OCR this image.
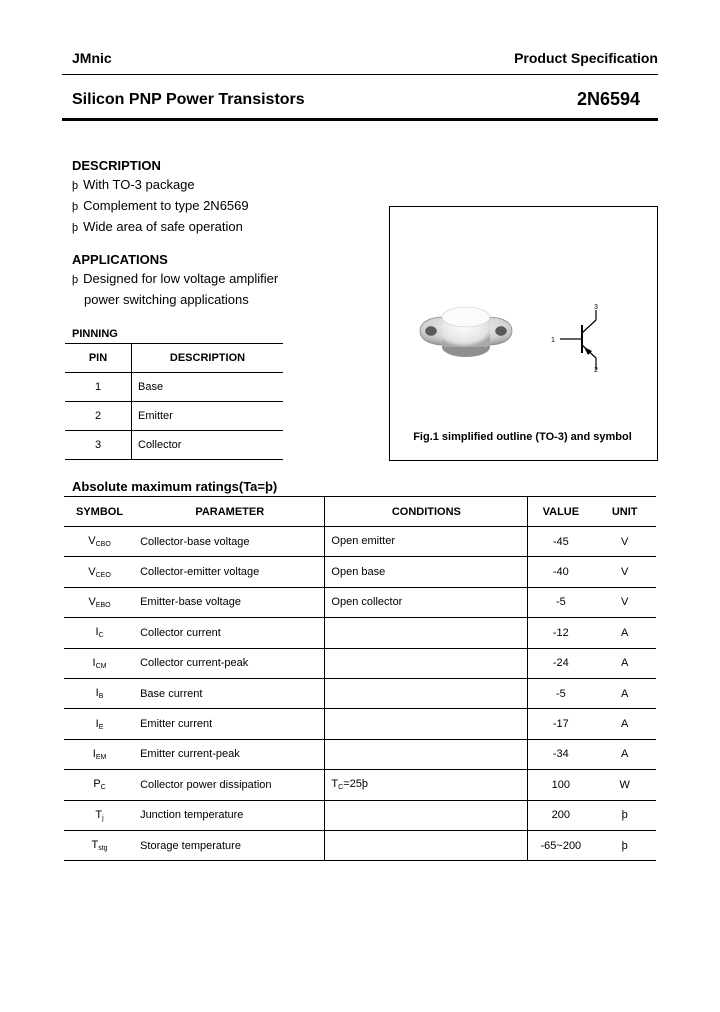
JMnic	Product Specification
Silicon PNP Power Transistors	2N6594
DESCRIPTION
þ With TO-3 package
þ Complement to type 2N6569
þ Wide area of safe operation
APPLICATIONS
þ Designed for low voltage amplifier
power switching applications
PINNING
PIN	DESCRIPTION
1	Base
2	Emitter
3	Collector
1
2
3
Fig.1 simplified outline (TO-3) and symbol
Absolute maximum ratings(Ta=þ)
SYMBOL	PARAMETER	CONDITIONS	VALUE	UNIT
$V_{CBO}$	Collector-base voltage	Open emitter	-45	V
$V_{CEO}$	Collector-emitter voltage	Open base	-40	V
$V_{EBO}$	Emitter-base voltage	Open collector	-5	V
$I_C$	Collector current		-12	A
$I_{CM}$	Collector current-peak		-24	A
$I_B$	Base current		-5	A
$I_E$	Emitter current		-17	A
$I_{EM}$	Emitter current-peak		-34	A
$P_C$	Collector power dissipation	$T_C=25þ$	100	W
$T_j$	Junction temperature		200	þ
$T_{stg}$	Storage temperature		-65~200	þ
